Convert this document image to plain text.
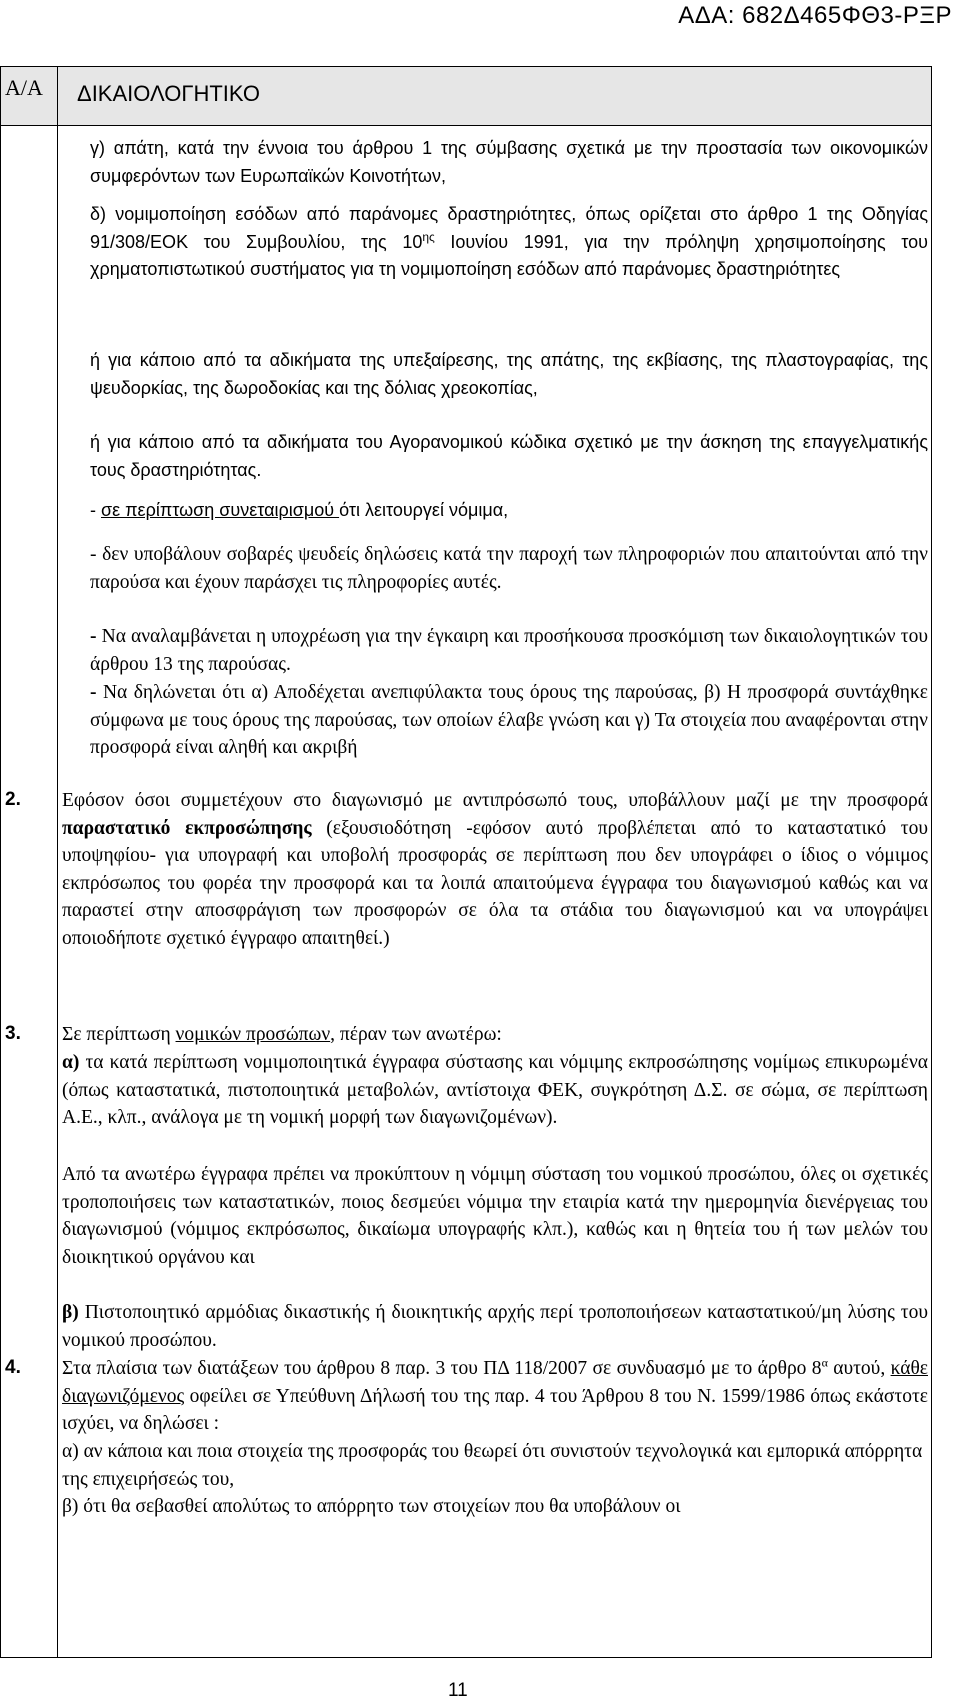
ΑΔΑ: 682Δ465ΦΘ3-ΡΞΡ
Α/Α ΔΙΚΑΙΟΛΟΓΗΤΙΚΟ

γ) απάτη, κατά την έννοια του άρθρου 1 της σύμβασης σχετικά με την προστασία των οικονομικών συμφερόντων των Ευρωπαϊκών Κοινοτήτων,

δ) νομιμοποίηση εσόδων από παράνομες δραστηριότητες, όπως ορίζεται στο άρθρο 1 της Οδηγίας 91/308/ΕΟΚ του Συμβουλίου, της $10^{\eta\varsigma}$ Ιουνίου 1991, για την πρόληψη χρησιμοποίησης του χρηματοπιστωτικού συστήματος για τη νομιμοποίηση εσόδων από παράνομες δραστηριότητες

ή για κάποιο από τα αδικήματα της υπεξαίρεσης, της απάτης, της εκβίασης, της πλαστογραφίας, της ψευδορκίας, της δωροδοκίας και της δόλιας χρεοκοπίας,

ή για κάποιο από τα αδικήματα του Αγορανομικού κώδικα σχετικό με την άσκηση της επαγγελματικής τους δραστηριότητας.

- σε περίπτωση συνεταιρισμού ότι λειτουργεί νόμιμα,

- δεν υποβάλουν σοβαρές ψευδείς δηλώσεις κατά την παροχή των πληροφοριών που απαιτούνται από την παρούσα και έχουν παράσχει τις πληροφορίες αυτές.

- Να αναλαμβάνεται η υποχρέωση για την έγκαιρη και προσήκουσα προσκόμιση των δικαιολογητικών του άρθρου 13 της παρούσας.

- Να δηλώνεται ότι α) Αποδέχεται ανεπιφύλακτα τους όρους της παρούσας, β) Η προσφορά συντάχθηκε σύμφωνα με τους όρους της παρούσας, των οποίων έλαβε γνώση και γ) Τα στοιχεία που αναφέρονται στην προσφορά είναι αληθή και ακριβή

2. Εφόσον όσοι συμμετέχουν στο διαγωνισμό με αντιπρόσωπό τους, υποβάλλουν μαζί με την προσφορά παραστατικό εκπροσώπησης (εξουσιοδότηση -εφόσον αυτό προβλέπεται από το καταστατικό του υποψηφίου- για υπογραφή και υποβολή προσφοράς σε περίπτωση που δεν υπογράφει ο ίδιος ο νόμιμος εκπρόσωπος του φορέα την προσφορά και τα λοιπά απαιτούμενα έγγραφα του διαγωνισμού καθώς και να παραστεί στην αποσφράγιση των προσφορών σε όλα τα στάδια του διαγωνισμού και να υπογράψει οποιοδήποτε σχετικό έγγραφο απαιτηθεί.)

3. Σε περίπτωση νομικών προσώπων, πέραν των ανωτέρω:

α) τα κατά περίπτωση νομιμοποιητικά έγγραφα σύστασης και νόμιμης εκπροσώπησης νομίμως επικυρωμένα (όπως καταστατικά, πιστοποιητικά μεταβολών, αντίστοιχα ΦΕΚ, συγκρότηση Δ.Σ. σε σώμα, σε περίπτωση Α.Ε., κλπ., ανάλογα με τη νομική μορφή των διαγωνιζομένων).

Από τα ανωτέρω έγγραφα πρέπει να προκύπτουν η νόμιμη σύσταση του νομικού προσώπου, όλες οι σχετικές τροποποιήσεις των καταστατικών, ποιος δεσμεύει νόμιμα την εταιρία κατά την ημερομηνία διενέργειας του διαγωνισμού (νόμιμος εκπρόσωπος, δικαίωμα υπογραφής κλπ.), καθώς και η θητεία του ή των μελών του διοικητικού οργάνου και

β) Πιστοποιητικό αρμόδιας δικαστικής ή διοικητικής αρχής περί τροποποιήσεων καταστατικού/μη λύσης του νομικού προσώπου.

4. Στα πλαίσια των διατάξεων του άρθρου 8 παρ. 3 του ΠΔ 118/2007 σε συνδυασμό με το άρθρο $8^\alpha$ αυτού, κάθε διαγωνιζόμενος οφείλει σε Υπεύθυνη Δήλωσή του της παρ. 4 του Άρθρου 8 του Ν. 1599/1986 όπως εκάστοτε ισχύει, να δηλώσει :

α) αν κάποια και ποια στοιχεία της προσφοράς του θεωρεί ότι συνιστούν τεχνολογικά και εμπορικά απόρρητα της επιχειρήσεώς του,

β) ότι θα σεβασθεί απολύτως το απόρρητο των στοιχείων που θα υποβάλουν οι

11
